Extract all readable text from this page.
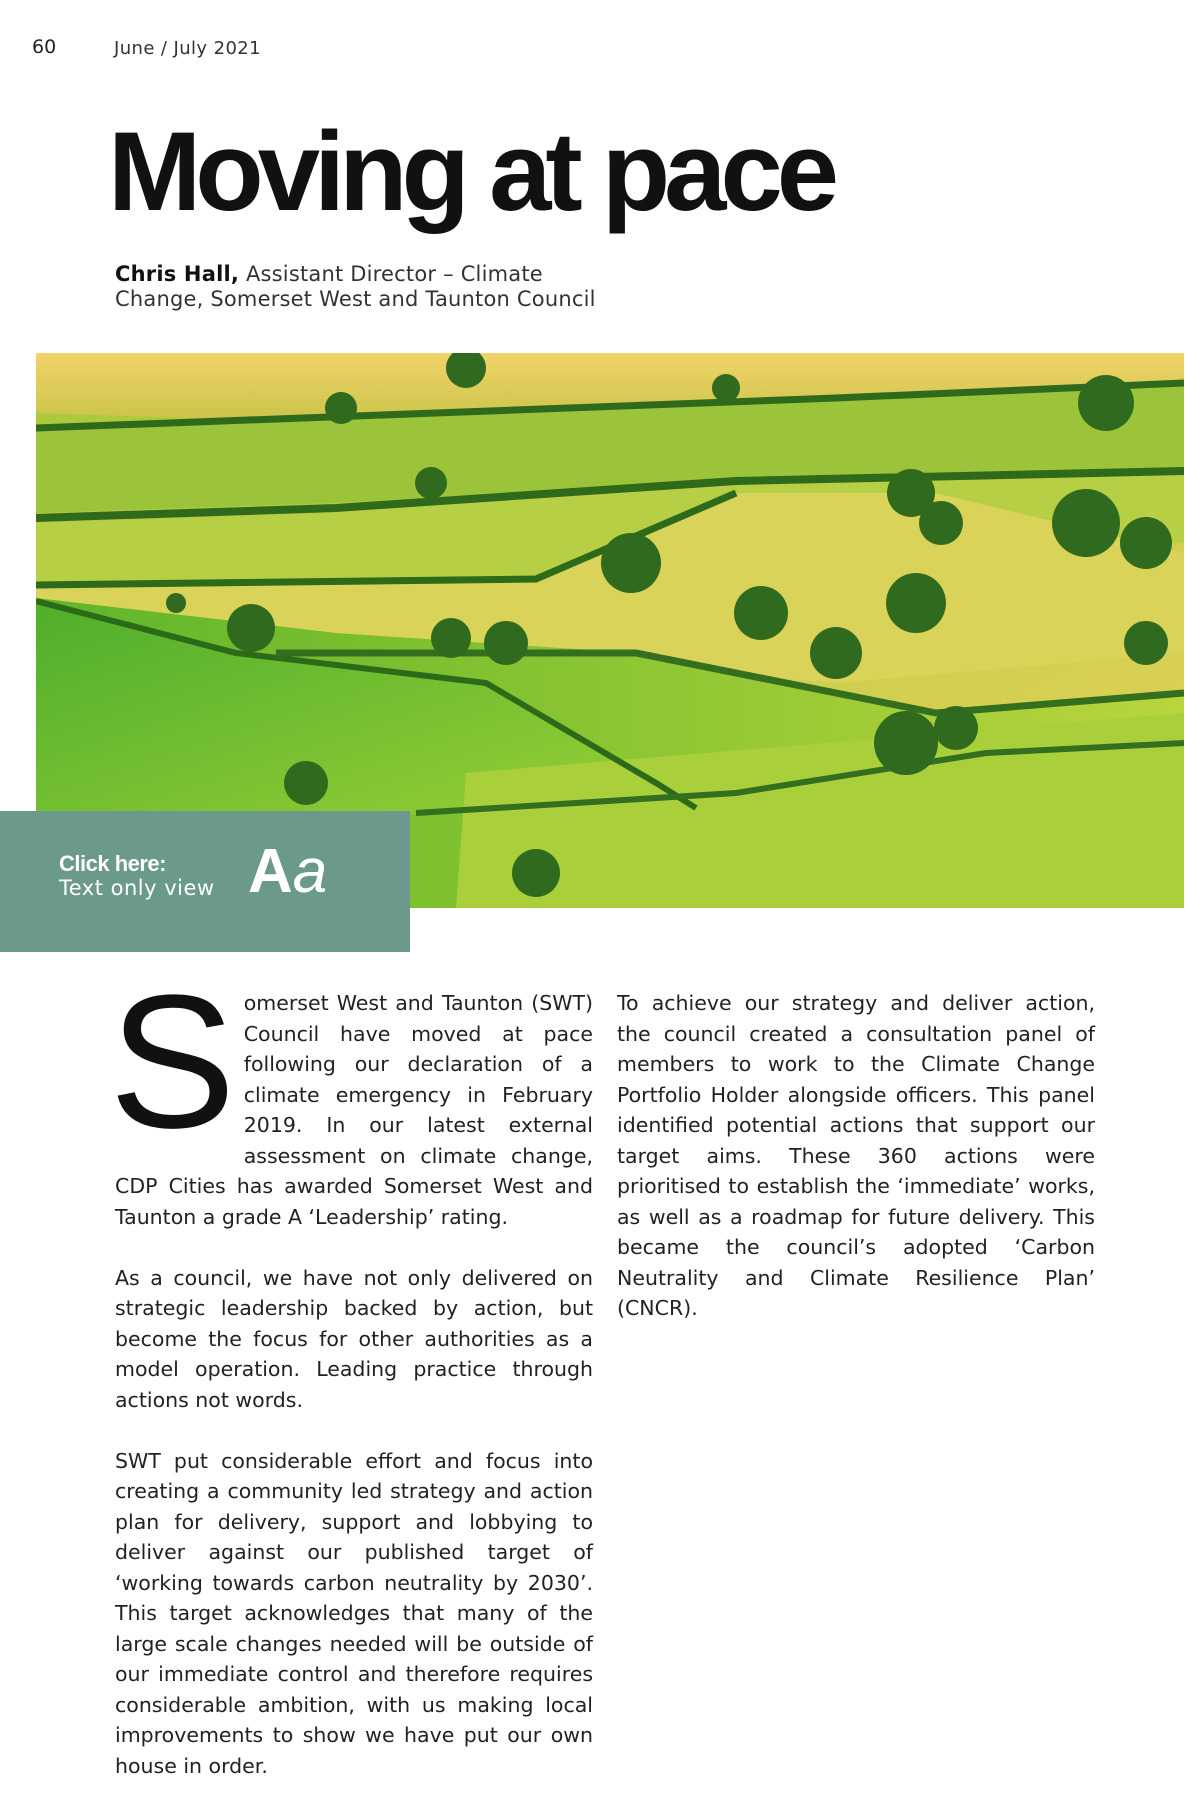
60	June / July 2021
Moving at pace
Chris Hall, Assistant Director – Climate
Change, Somerset West and Taunton Council
Click here:
Text only view Aa

Somerset West and Taunton (SWT) Council have moved at pace following our declaration of a climate emergency in February 2019. In our latest external assessment on climate change, CDP Cities has awarded Somerset West and Taunton a grade A ‘Leadership’ rating.

As a council, we have not only delivered on strategic leadership backed by action, but become the focus for other authorities as a model operation. Leading practice through actions not words.

SWT put considerable effort and focus into creating a community led strategy and action plan for delivery, support and lobbying to deliver against our published target of ‘working towards carbon neutrality by 2030’. This target acknowledges that many of the large scale changes needed will be outside of our immediate control and therefore requires considerable ambition, with us making local improvements to show we have put our own house in order.

To achieve our strategy and deliver action, the council created a consultation panel of members to work to the Climate Change Portfolio Holder alongside officers. This panel identified potential actions that support our target aims. These 360 actions were prioritised to establish the ‘immediate’ works, as well as a roadmap for future delivery. This became the council’s adopted ‘Carbon Neutrality and Climate Resilience Plan’ (CNCR).
